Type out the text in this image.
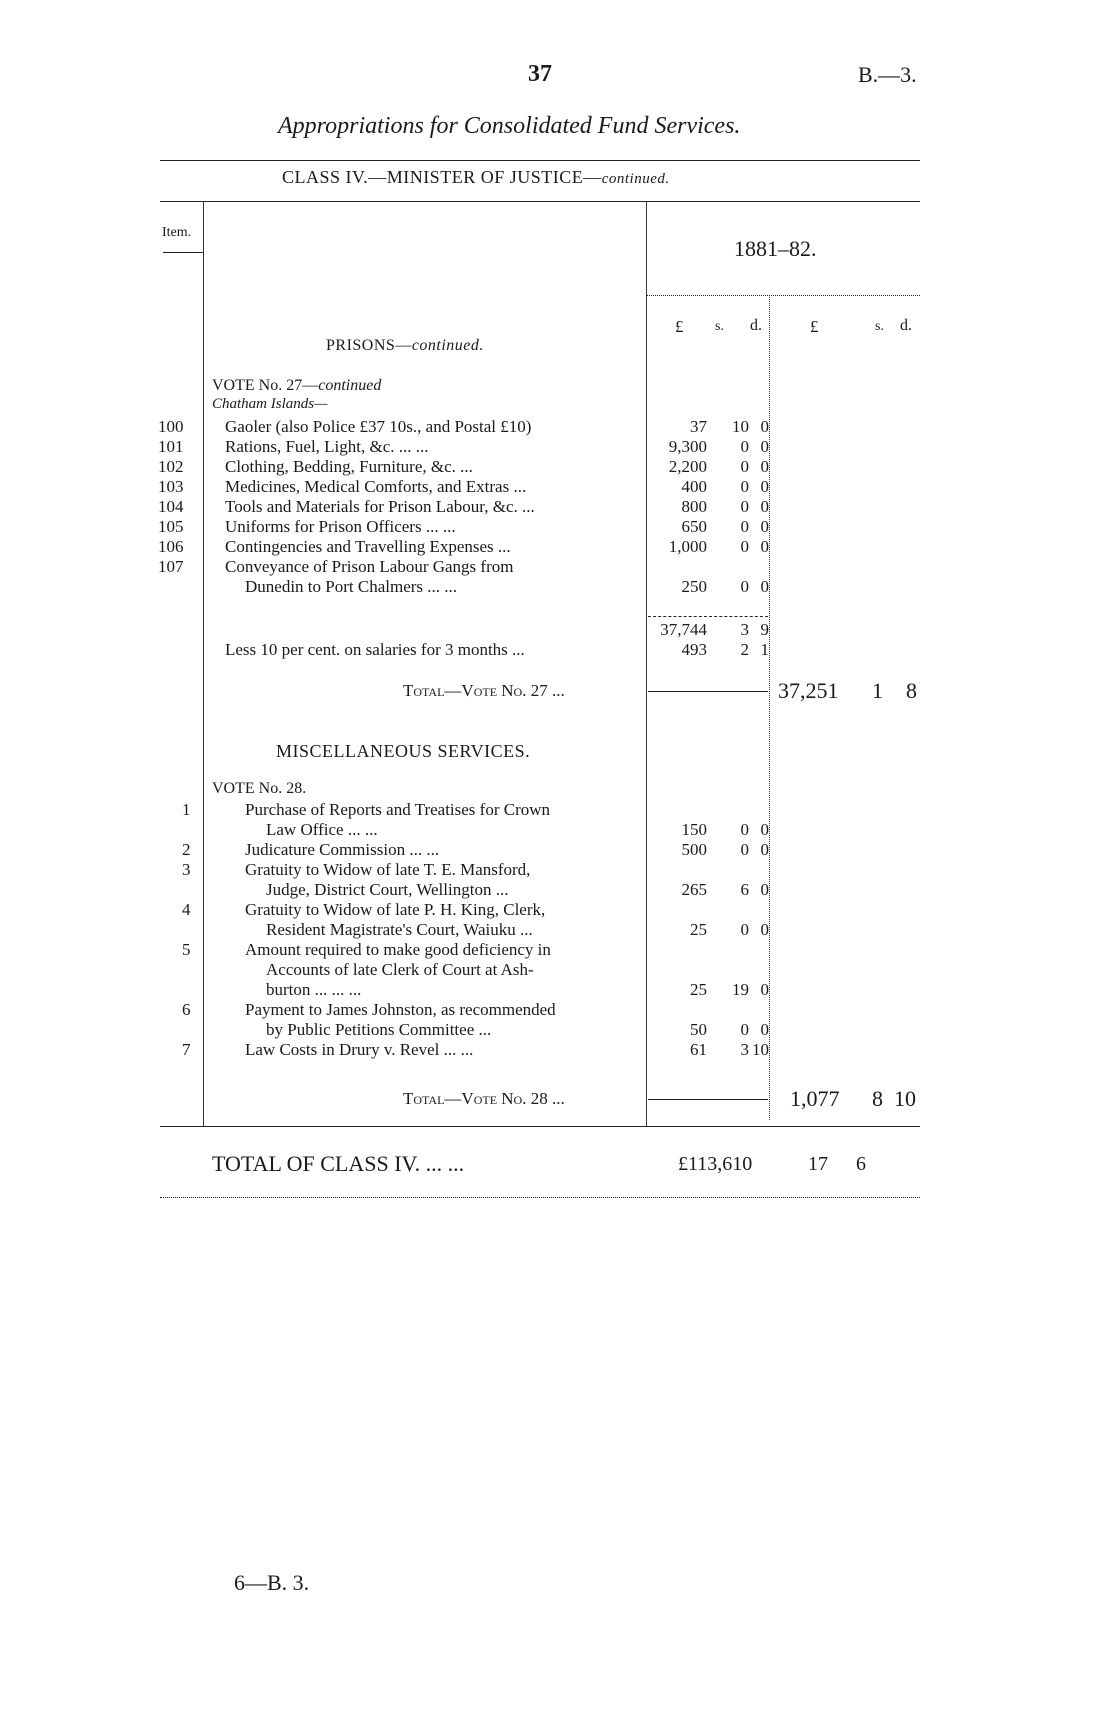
37	B.—3.
Appropriations for Consolidated Fund Services.
CLASS IV.—MINISTER OF JUSTICE—continued.
Item.
1881–82.
£ s. d.	£	s. d.
PRISONS—continued.
VOTE No. 27—continued
Chatham Islands—
100 Gaoler (also Police £37 10s., and Postal £10)	37 10 0
101 Rations, Fuel, Light, &c. ... ...	9,300 0 0
102 Clothing, Bedding, Furniture, &c. ...	2,200 0 0
103 Medicines, Medical Comforts, and Extras ...	400 0 0
104 Tools and Materials for Prison Labour, &c. ...	800 0 0
105 Uniforms for Prison Officers ... ...	650 0 0
106 Contingencies and Travelling Expenses ...	1,000 0 0
107 Conveyance of Prison Labour Gangs from
Dunedin to Port Chalmers ... ...	250 0 0
37,744 3 9
Less 10 per cent. on salaries for 3 months ...	493 2 1
Total—Vote No. 27 ...	37,251 1 8
MISCELLANEOUS SERVICES.
VOTE No. 28.
1	Purchase of Reports and Treatises for Crown
Law Office ... ...	150 0 0
2	Judicature Commission ... ...	500 0 0
3	Gratuity to Widow of late T. E. Mansford,
Judge, District Court, Wellington ...	265 6 0
4	Gratuity to Widow of late P. H. King, Clerk,
Resident Magistrate's Court, Waiuku ...	25 0 0
5	Amount required to make good deficiency in
Accounts of late Clerk of Court at Ash-
burton ... ... ...	25 19 0
6	Payment to James Johnston, as recommended
by Public Petitions Committee ...	50 0 0
7	Law Costs in Drury v. Revel ... ...	61 3 10
Total—Vote No. 28 ...	1,077 8 10
TOTAL OF CLASS IV. ... ...	£113,610	17 6
6—B. 3.
